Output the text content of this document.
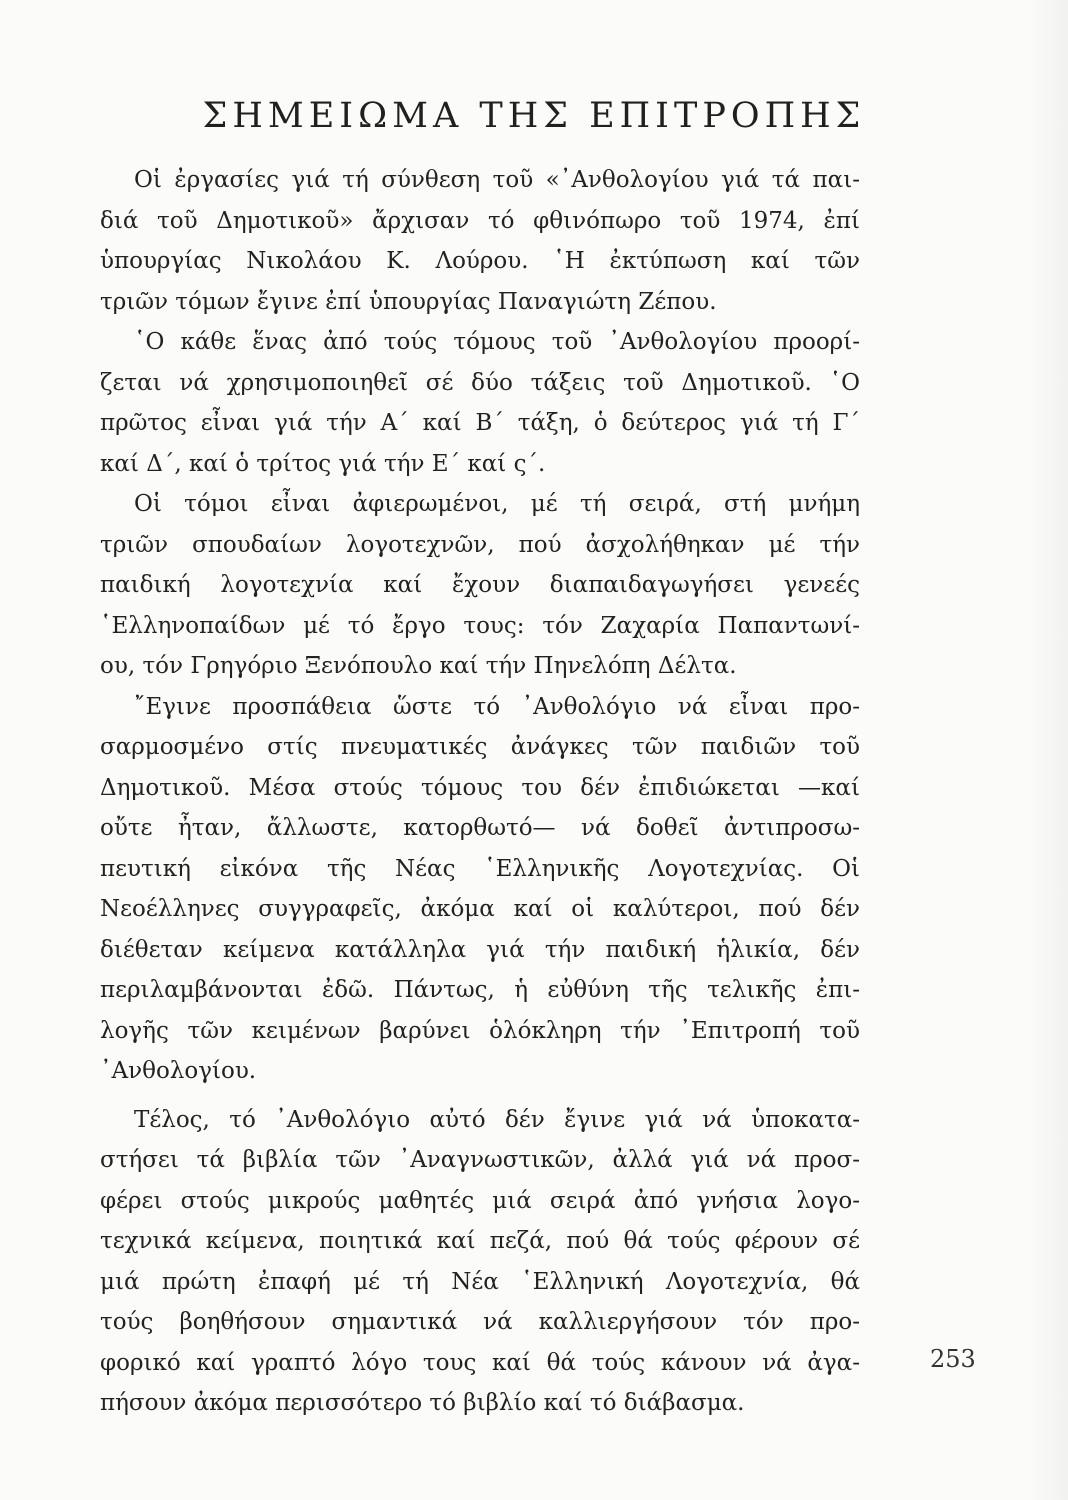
ΣΗΜΕΙΩΜΑ ΤΗΣ ΕΠΙΤΡΟΠΗΣ
Οἱ ἐργασίες γιά τή σύνθεση τοῦ «᾽Ανθολογίου γιά τά παι-
διά τοῦ Δημοτικοῦ» ἄρχισαν τό φθινόπωρο τοῦ 1974, ἐπί
ὑπουργίας Νικολάου Κ. Λούρου. ῾Η ἐκτύπωση καί τῶν
τριῶν τόμων ἔγινε ἐπί ὑπουργίας Παναγιώτη Ζέπου.
῾Ο κάθε ἕνας ἀπό τούς τόμους τοῦ ᾽Ανθολογίου προορί-
ζεται νά χρησιμοποιηθεῖ σέ δύο τάξεις τοῦ Δημοτικοῦ. ῾Ο
πρῶτος εἶναι γιά τήν Α΄ καί Β΄ τάξη, ὁ δεύτερος γιά τή Γ΄
καί Δ΄, καί ὁ τρίτος γιά τήν Ε΄ καί ς΄.
Οἱ τόμοι εἶναι ἀφιερωμένοι, μέ τή σειρά, στή μνήμη
τριῶν σπουδαίων λογοτεχνῶν, πού ἀσχολήθηκαν μέ τήν
παιδική λογοτεχνία καί ἔχουν διαπαιδαγωγήσει γενεές
῾Ελληνοπαίδων μέ τό ἔργο τους: τόν Ζαχαρία Παπαντωνί-
ου, τόν Γρηγόριο Ξενόπουλο καί τήν Πηνελόπη Δέλτα.
῎Εγινε προσπάθεια ὥστε τό ᾽Ανθολόγιο νά εἶναι προ-
σαρμοσμένο στίς πνευματικές ἀνάγκες τῶν παιδιῶν τοῦ
Δημοτικοῦ. Μέσα στούς τόμους του δέν ἐπιδιώκεται —καί
οὔτε ἦταν, ἄλλωστε, κατορθωτό— νά δοθεῖ ἀντιπροσω-
πευτική εἰκόνα τῆς Νέας ῾Ελληνικῆς Λογοτεχνίας. Οἱ
Νεοέλληνες συγγραφεῖς, ἀκόμα καί οἱ καλύτεροι, πού δέν
διέθεταν κείμενα κατάλληλα γιά τήν παιδική ἡλικία, δέν
περιλαμβάνονται ἐδῶ. Πάντως, ἡ εὐθύνη τῆς τελικῆς ἐπι-
λογῆς τῶν κειμένων βαρύνει ὁλόκληρη τήν ᾽Επιτροπή τοῦ
᾽Ανθολογίου.
Τέλος, τό ᾽Ανθολόγιο αὐτό δέν ἔγινε γιά νά ὑποκατα-
στήσει τά βιβλία τῶν ᾽Αναγνωστικῶν, ἀλλά γιά νά προσ-
φέρει στούς μικρούς μαθητές μιά σειρά ἀπό γνήσια λογο-
τεχνικά κείμενα, ποιητικά καί πεζά, πού θά τούς φέρουν σέ
μιά πρώτη ἐπαφή μέ τή Νέα ῾Ελληνική Λογοτεχνία, θά
τούς βοηθήσουν σημαντικά νά καλλιεργήσουν τόν προ-
φορικό καί γραπτό λόγο τους καί θά τούς κάνουν νά ἀγα-
πήσουν ἀκόμα περισσότερο τό βιβλίο καί τό διάβασμα.
253
